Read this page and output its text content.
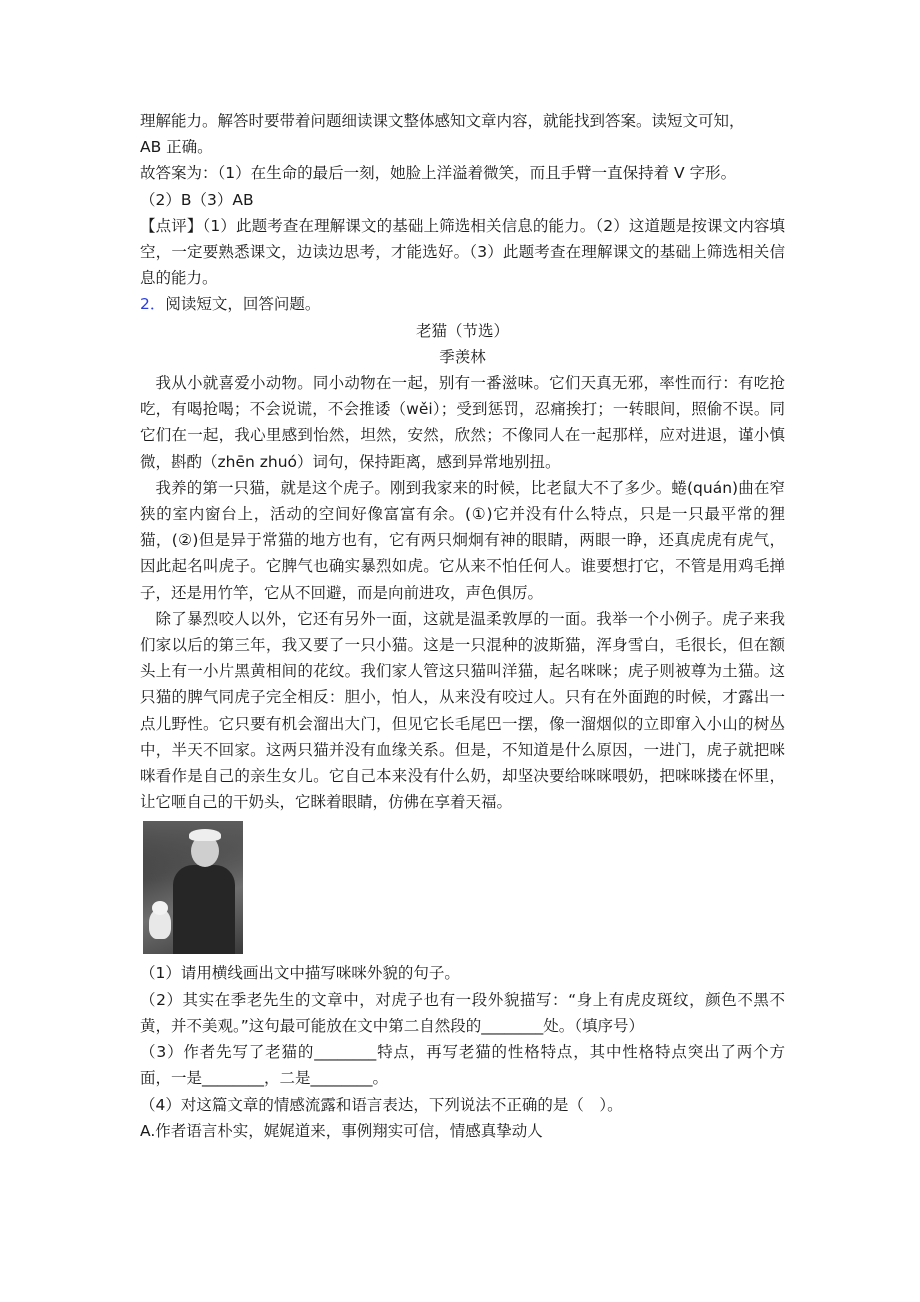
理解能力。解答时要带着问题细读课文整体感知文章内容，就能找到答案。读短文可知，

AB 正确。

故答案为：（1）在生命的最后一刻，她脸上洋溢着微笑，而且手臂一直保持着 V 字形。

（2）B（3）AB

【点评】（1）此题考查在理解课文的基础上筛选相关信息的能力。（2）这道题是按课文内容填空，一定要熟悉课文，边读边思考，才能选好。（3）此题考查在理解课文的基础上筛选相关信息的能力。

2．阅读短文，回答问题。

老猫（节选）

季羡林

我从小就喜爱小动物。同小动物在一起，别有一番滋味。它们天真无邪，率性而行：有吃抢吃，有喝抢喝；不会说谎，不会推诿（wěi）；受到惩罚，忍痛挨打；一转眼间，照偷不误。同它们在一起，我心里感到怡然，坦然，安然，欣然；不像同人在一起那样，应对进退，谨小慎微，斟酌（zhēn zhuó）词句，保持距离，感到异常地别扭。

我养的第一只猫，就是这个虎子。刚到我家来的时候，比老鼠大不了多少。蜷(quán)曲在窄狭的室内窗台上，活动的空间好像富富有余。(①)它并没有什么特点，只是一只最平常的狸猫，(②)但是异于常猫的地方也有，它有两只炯炯有神的眼睛，两眼一睁，还真虎虎有虎气，因此起名叫虎子。它脾气也确实暴烈如虎。它从来不怕任何人。谁要想打它，不管是用鸡毛掸子，还是用竹竿，它从不回避，而是向前进攻，声色俱厉。

除了暴烈咬人以外，它还有另外一面，这就是温柔敦厚的一面。我举一个小例子。虎子来我们家以后的第三年，我又要了一只小猫。这是一只混种的波斯猫，浑身雪白，毛很长，但在额头上有一小片黑黄相间的花纹。我们家人管这只猫叫洋猫，起名咪咪；虎子则被尊为土猫。这只猫的脾气同虎子完全相反：胆小，怕人，从来没有咬过人。只有在外面跑的时候，才露出一点儿野性。它只要有机会溜出大门，但见它长毛尾巴一摆，像一溜烟似的立即窜入小山的树丛中，半天不回家。这两只猫并没有血缘关系。但是，不知道是什么原因，一进门，虎子就把咪咪看作是自己的亲生女儿。它自己本来没有什么奶，却坚决要给咪咪喂奶，把咪咪搂在怀里，让它咂自己的干奶头，它眯着眼睛，仿佛在享着天福。

（1）请用横线画出文中描写咪咪外貌的句子。

（2）其实在季老先生的文章中，对虎子也有一段外貌描写：“身上有虎皮斑纹，颜色不黑不黄，并不美观。”这句最可能放在文中第二自然段的________处。（填序号）

（3）作者先写了老猫的________特点，再写老猫的性格特点，其中性格特点突出了两个方面，一是________，二是________。

（4）对这篇文章的情感流露和语言表达，下列说法不正确的是（　）。

A.作者语言朴实，娓娓道来，事例翔实可信，情感真挚动人
